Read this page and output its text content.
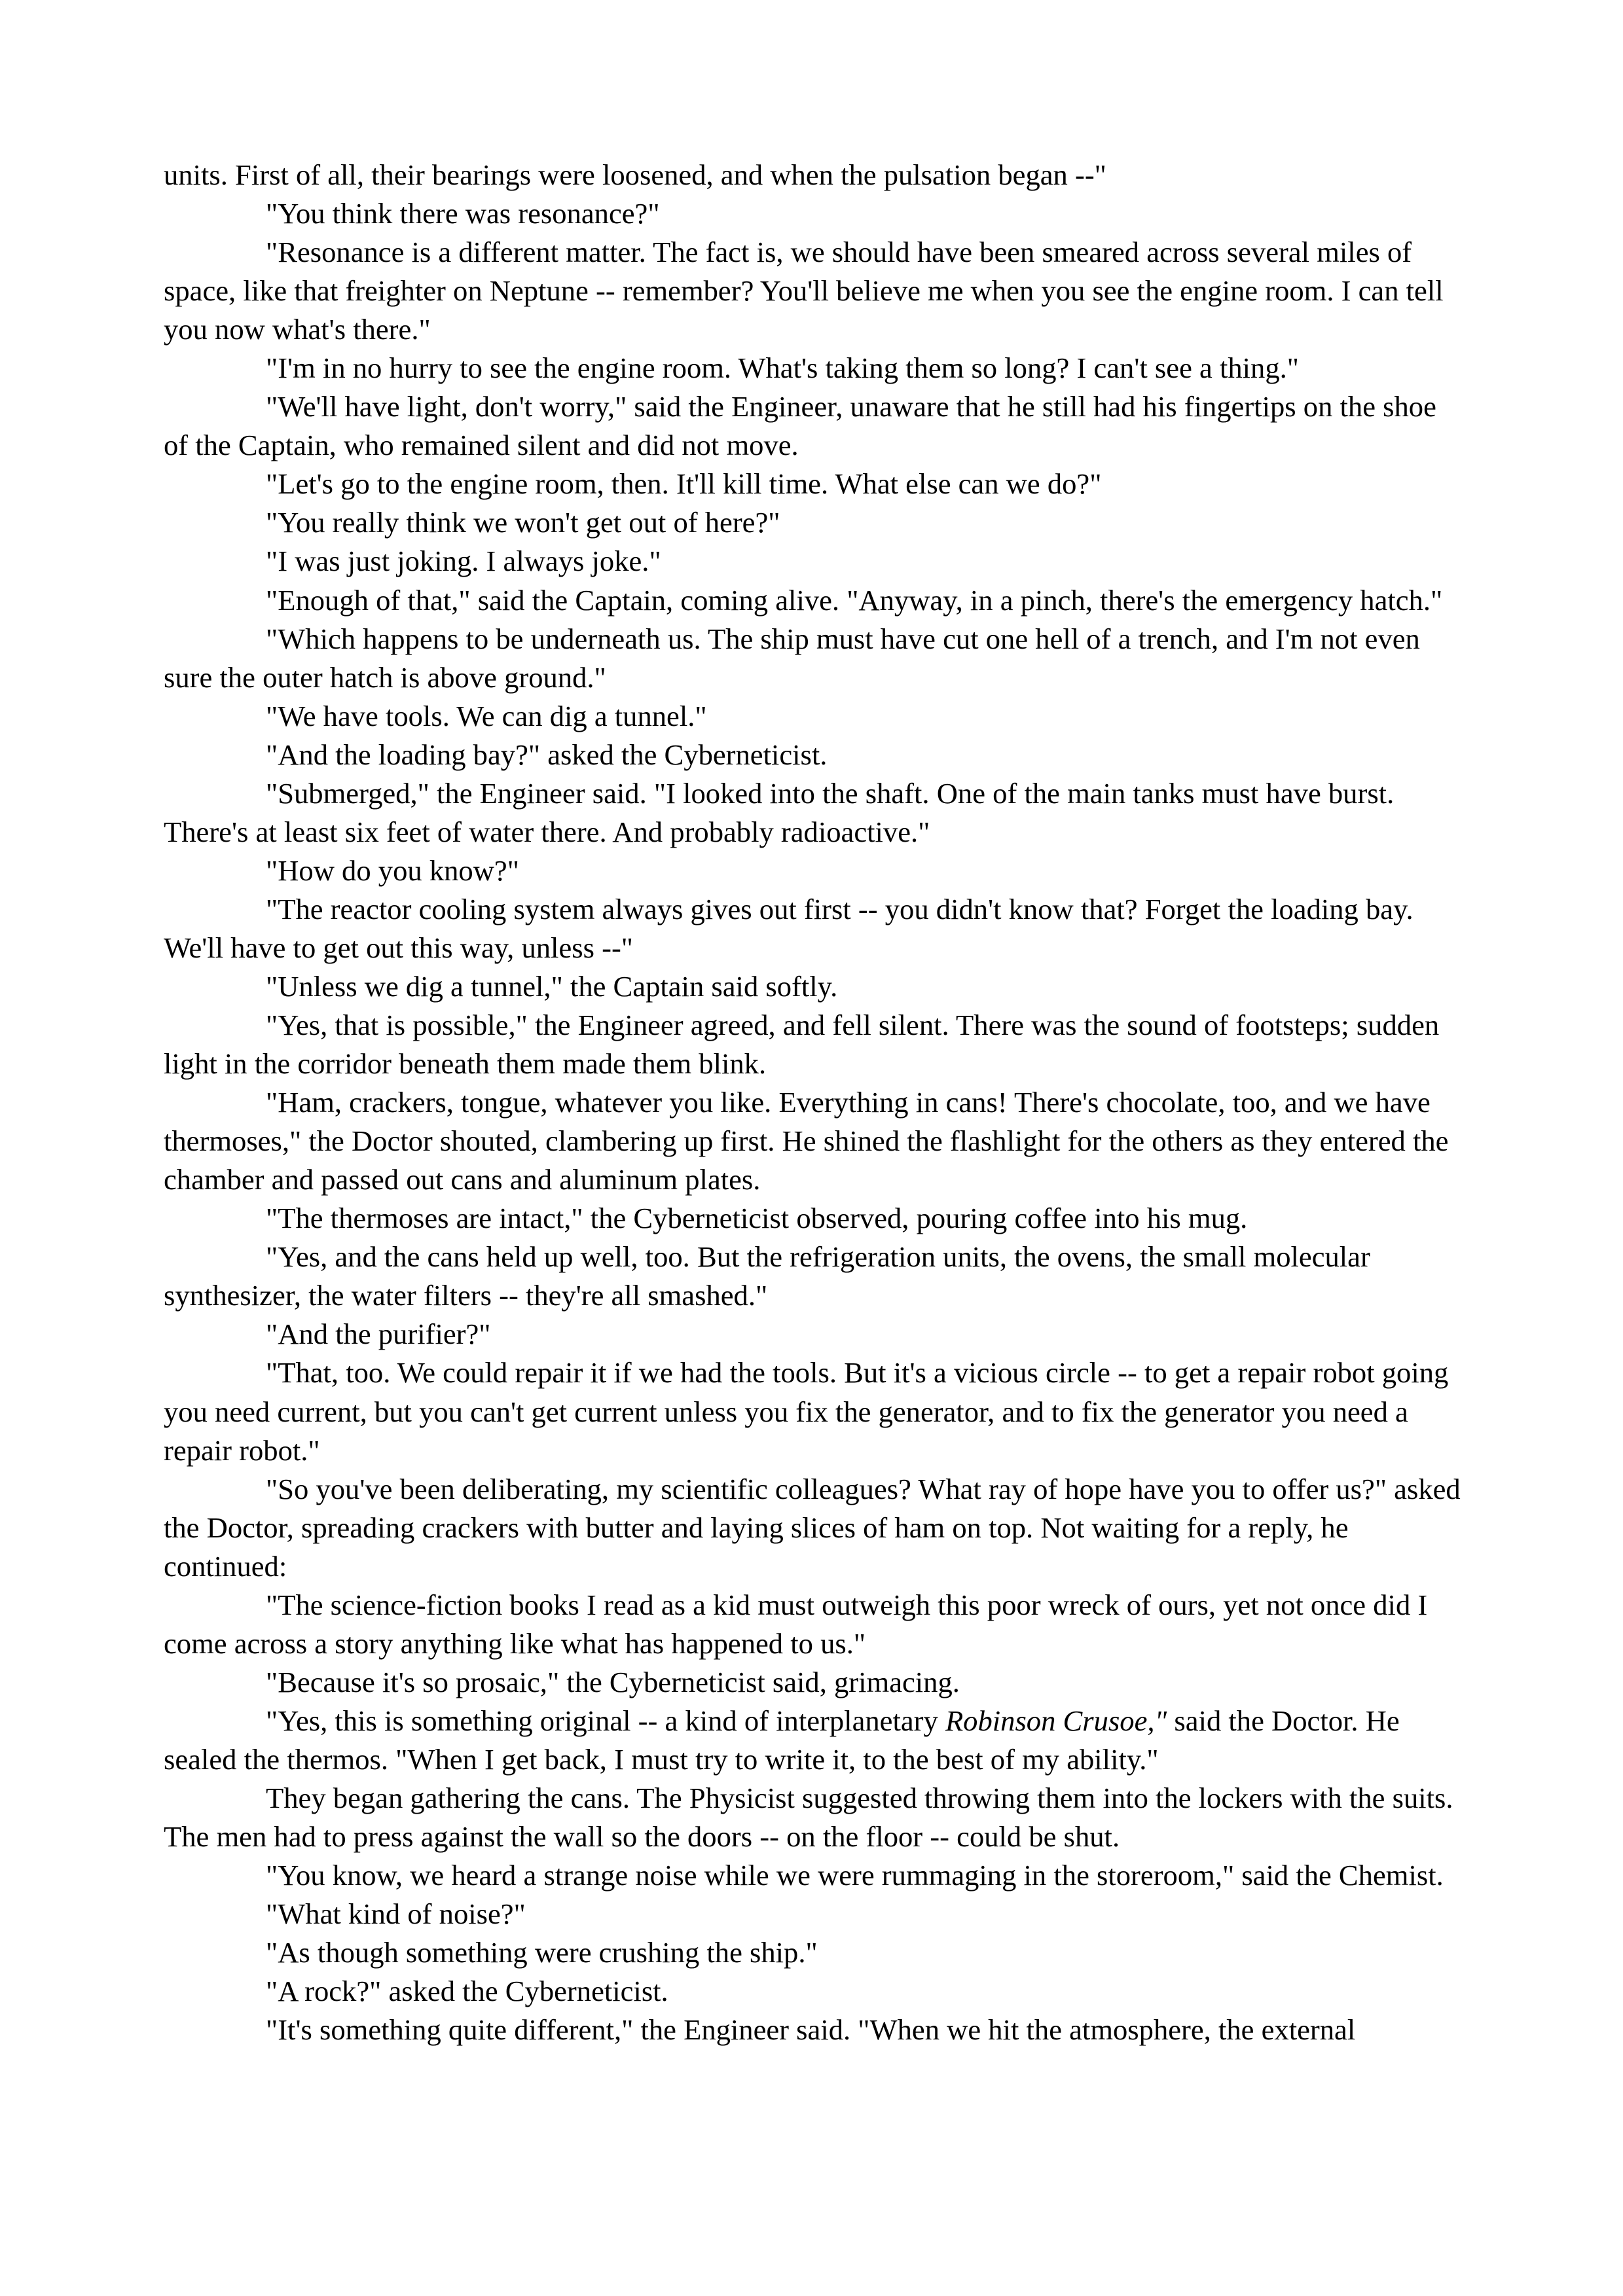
units. First of all, their bearings were loosened, and when the pulsation began --"

"You think there was resonance?"

"Resonance is a different matter. The fact is, we should have been smeared across several miles of space, like that freighter on Neptune -- remember? You'll believe me when you see the engine room. I can tell you now what's there."

"I'm in no hurry to see the engine room. What's taking them so long? I can't see a thing."

"We'll have light, don't worry," said the Engineer, unaware that he still had his fingertips on the shoe of the Captain, who remained silent and did not move.

"Let's go to the engine room, then. It'll kill time. What else can we do?"

"You really think we won't get out of here?"

"I was just joking. I always joke."

"Enough of that," said the Captain, coming alive. "Anyway, in a pinch, there's the emergency hatch."

"Which happens to be underneath us. The ship must have cut one hell of a trench, and I'm not even sure the outer hatch is above ground."

"We have tools. We can dig a tunnel."

"And the loading bay?" asked the Cyberneticist.

"Submerged," the Engineer said. "I looked into the shaft. One of the main tanks must have burst. There's at least six feet of water there. And probably radioactive."

"How do you know?"

"The reactor cooling system always gives out first -- you didn't know that? Forget the loading bay. We'll have to get out this way, unless --"

"Unless we dig a tunnel," the Captain said softly.

"Yes, that is possible," the Engineer agreed, and fell silent. There was the sound of footsteps; sudden light in the corridor beneath them made them blink.

"Ham, crackers, tongue, whatever you like. Everything in cans! There's chocolate, too, and we have thermoses," the Doctor shouted, clambering up first. He shined the flashlight for the others as they entered the chamber and passed out cans and aluminum plates.

"The thermoses are intact," the Cyberneticist observed, pouring coffee into his mug.

"Yes, and the cans held up well, too. But the refrigeration units, the ovens, the small molecular synthesizer, the water filters -- they're all smashed."

"And the purifier?"

"That, too. We could repair it if we had the tools. But it's a vicious circle -- to get a repair robot going you need current, but you can't get current unless you fix the generator, and to fix the generator you need a repair robot."

"So you've been deliberating, my scientific colleagues? What ray of hope have you to offer us?" asked the Doctor, spreading crackers with butter and laying slices of ham on top. Not waiting for a reply, he continued:

"The science-fiction books I read as a kid must outweigh this poor wreck of ours, yet not once did I come across a story anything like what has happened to us."

"Because it's so prosaic," the Cyberneticist said, grimacing.

"Yes, this is something original -- a kind of interplanetary Robinson Crusoe," said the Doctor. He sealed the thermos. "When I get back, I must try to write it, to the best of my ability."

They began gathering the cans. The Physicist suggested throwing them into the lockers with the suits. The men had to press against the wall so the doors -- on the floor -- could be shut.

"You know, we heard a strange noise while we were rummaging in the storeroom," said the Chemist.

"What kind of noise?"

"As though something were crushing the ship."

"A rock?" asked the Cyberneticist.

"It's something quite different," the Engineer said. "When we hit the atmosphere, the external
